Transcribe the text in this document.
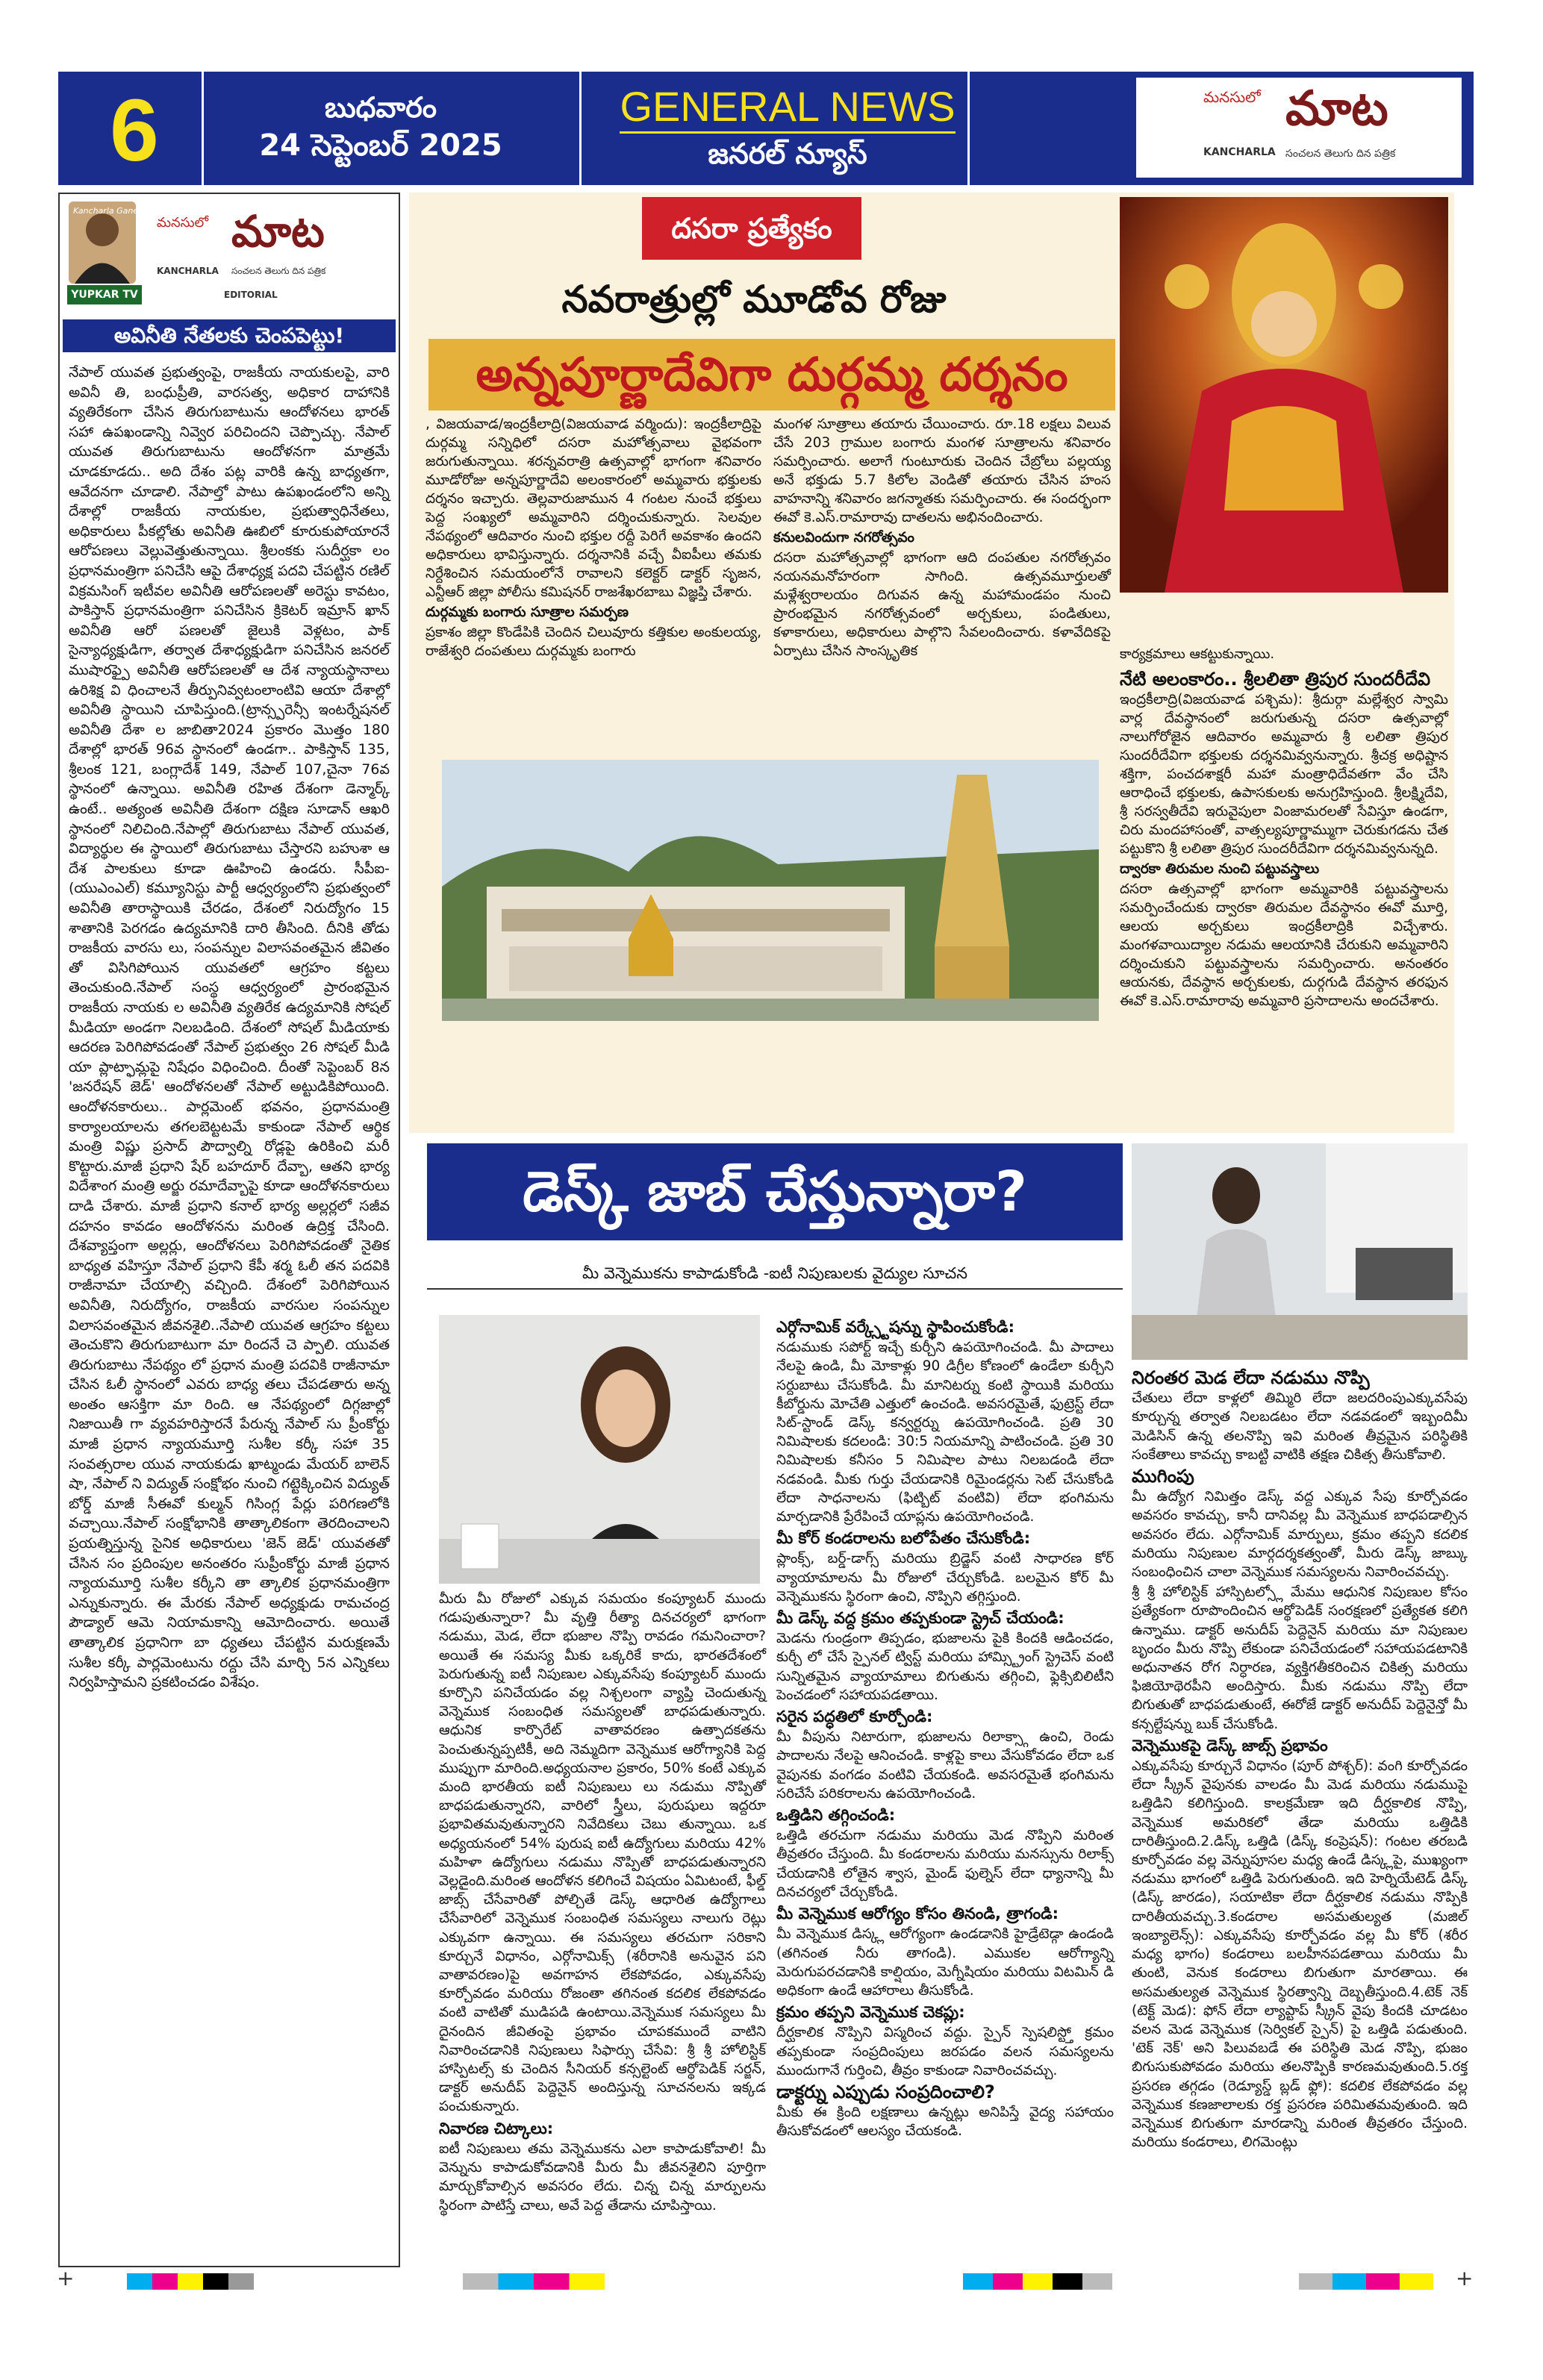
6	బుధవారం
24 సెప్టెంబర్ 2025
GENERAL NEWS
జనరల్ న్యూస్
మనసులో మాట
KANCHARLA సంచలన తెలుగు దిన పత్రిక
Kancharla Ganesh
YUPKAR TV
మనసులో మాట
KANCHARLA సంచలన తెలుగు దిన పత్రిక
EDITORIAL
అవినీతి నేతలకు చెంపపెట్టు!
నేపాల్ యువత ప్రభుత్వంపై, రాజకీయ నాయకులపై, వారి అవినీ తి, బంధుప్రీతి, వారసత్వ, అధికార దాహానికి వ్యతిరేకంగా చేసిన తిరుగుబాటును ఆందోళనలు భారత్ సహా ఉపఖండాన్ని నివ్వెర పరిచిందని చెప్పొచ్చు. నేపాల్ యువత తిరుగుబాటును ఆందోళనగా మాత్రమే చూడకూడదు.. అది దేశం పట్ల వారికి ఉన్న బాధ్యతగా, ఆవేదనగా చూడాలి. నేపాల్తో పాటు ఉపఖండంలోని అన్ని దేశాల్లో రాజకీయ నాయకుల, ప్రభుత్వాధినేతలు, అధికారులు పీకల్లోతు అవినీతి ఊబిలో కూరుకుపోయారనే ఆరోపణలు వెల్లువెత్తుతున్నాయి. శ్రీలంకకు సుదీర్ఘకా లం ప్రధానమంత్రిగా పనిచేసి ఆపై దేశాధ్యక్ష పదవి చేపట్టిన రణిల్ విక్రమసింగ్ ఇటీవల అవినీతి ఆరోపణలతో అరెస్టు కావటం, పాకిస్తాన్ ప్రధానమంత్రిగా పనిచేసిన క్రికెటర్ ఇమ్రాన్ ఖాన్ అవినీతి ఆరో పణలతో జైలుకి వెళ్లటం, పాక్ సైన్యాధ్యక్షుడిగా, తర్వాత దేశాధ్యక్షుడిగా పనిచేసిన జనరల్ ముషారఫ్పై అవినీతి ఆరోపణలతో ఆ దేశ న్యాయస్థానాలు ఉరిశిక్ష వి ధించాలనే తీర్పునివ్వటంలాంటివి ఆయా దేశాల్లో అవినీతి స్థాయిని చూపిస్తుంది.(ట్రాన్స్పరెన్సీ ఇంటర్నేషనల్ అవినీతి దేశా ల జాబితా2024 ప్రకారం మొత్తం 180 దేశాల్లో భారత్ 96వ స్థానంలో ఉండగా.. పాకిస్తాన్ 135, శ్రీలంక 121, బంగ్లాదేశ్ 149, నేపాల్ 107,చైనా 76వ స్థానంలో ఉన్నాయి. అవినీతి రహిత దేశంగా డెన్మార్క్ ఉంటే.. అత్యంత అవినీతి దేశంగా దక్షిణ సూడాన్ ఆఖరి స్థానంలో నిలిచింది.నేపాల్లో తిరుగుబాటు నేపాల్ యువత, విద్యార్థుల ఈ స్థాయిలో తిరుగుబాటు చేస్తారని బహుశా ఆ దేశ పాలకులు కూడా ఊహించి ఉండరు. సీపీఐ-(యుఎంఎల్) కమ్యూనిస్టు పార్టీ ఆధ్వర్యంలోని ప్రభుత్వంలో అవినీతి తారాస్థాయికి చేరడం, దేశంలో నిరుద్యోగం 15 శాతానికి పెరగడం ఉద్యమానికి దారి తీసింది. దీనికి తోడు రాజకీయ వారసు లు, సంపన్నుల విలాసవంతమైన జీవితం తో విసిగిపోయిన యువతలో ఆగ్రహం కట్టలు తెంచుకుంది.నేపాల్ సంస్థ ఆధ్వర్యంలో ప్రారంభమైన రాజకీయ నాయకు ల అవినీతి వ్యతిరేక ఉద్యమానికి సోషల్ మీడియా అండగా నిలబడింది. దేశంలో సోషల్ మీడియాకు ఆదరణ పెరిగిపోవడంతో నేపాల్ ప్రభుత్వం 26 సోషల్ మీడి యా ప్లాట్ఫామ్లపై నిషేధం విధించింది. దీంతో సెప్టెంబర్ 8న 'జనరేషన్ జెడ్' ఆందోళనలతో నేపాల్ అట్టుడికిపోయింది. ఆందోళనకారులు.. పార్లమెంట్ భవనం, ప్రధానమంత్రి కార్యాలయాలను తగలబెట్టటమే కాకుండా నేపాల్ ఆర్థిక మంత్రి విష్ణు ప్రసాద్ పౌద్వాల్ని రోడ్లపై ఉరికించి మరీ కొట్టారు.మాజీ ప్రధాని షేర్ బహదూర్ దేవ్బా, ఆతని భార్య విదేశాంగ మంత్రి అర్జు రమాదేవ్బాపై కూడా ఆందోళనకారులు దాడి చేశారు. మాజీ ప్రధాని కనాల్ భార్య అల్లర్లలో సజీవ దహనం కావడం ఆందోళనను మరింత ఉద్రిక్త చేసింది. దేశవ్యాప్తంగా అల్లర్లు, ఆందోళనలు పెరిగిపోవడంతో నైతిక బాధ్యత వహిస్తూ నేపాల్ ప్రధాని కేపీ శర్మ ఓలీ తన పదవికి రాజీనామా చేయాల్సి వచ్చింది. దేశంలో పెరిగిపోయిన అవినీతి, నిరుద్యోగం, రాజకీయ వారసుల సంపన్నుల విలాసవంతమైన జీవనశైలి..నేపాలి యువత ఆగ్రహం కట్టలు తెంచుకొని తిరుగుబాటుగా మా రిందనే చె ప్పాలి. యువత తిరుగుబాటు నేపథ్యం లో ప్రధాన మంత్రి పదవికి రాజీనామా చేసిన ఓలీ స్థానంలో ఎవరు బాధ్య తలు చేపడతారు అన్న అంతం ఆసక్తిగా మా రింది. ఆ నేపథ్యంలో దిగ్గజాల్లో నిజాయితీ గా వ్యవహరిస్తారనే పేరున్న నేపాల్ సు ప్రీంకోర్టు మాజీ ప్రధాన న్యాయమూర్తి సుశీల కర్కీ సహా 35 సంవత్సరాల యువ నాయకుడు ఖాట్మండు మేయర్ బాలెన్ షా, నేపాల్ ని విద్యుత్ సంక్షోభం నుంచి గట్టెక్కించిన విద్యుత్ బోర్డ్ మాజీ సీఈవో కుల్మన్ గిసింగ్ల పేర్లు పరిగణలోకి వచ్చాయి.నేపాల్ సంక్షోభానికి తాత్కాలికంగా తెరదించాలని ప్రయత్నిస్తున్న సైనిక అధికారులు 'జెన్ జెడ్' యువతతో చేసిన సం ప్రదింపుల అనంతరం సుప్రీంకోర్టు మాజీ ప్రధాన న్యాయమూర్తి సుశీల కర్కీని తా త్కాలిక ప్రధానమంత్రిగా ఎన్నుకున్నారు. ఈ మేరకు నేపాల్ అధ్యక్షుడు రామచంద్ర పౌడ్యాల్ ఆమె నియామకాన్ని ఆమోదించారు. అయితే తాత్కాలిక ప్రధానిగా బా ధ్యతలు చేపట్టిన మరుక్షణమే సుశీల కర్కీ పార్లమెంటును రద్దు చేసి మార్చి 5న ఎన్నికలు నిర్వహిస్తామని ప్రకటించడం విశేషం.
దసరా ప్రత్యేకం
నవరాత్రుల్లో మూడోవ రోజు
అన్నపూర్ణాదేవిగా దుర్గమ్మ దర్శనం

, విజయవాడ/ఇంద్రకీలాద్రి(విజయవాడ వర్మిందు): ఇంద్రకీలాద్రిపై దుర్గమ్మ సన్నిధిలో దసరా మహోత్సవాలు వైభవంగా జరుగుతున్నాయి. శరన్నవరాత్రి ఉత్సవాల్లో భాగంగా శనివారం మూడోరోజు అన్నపూర్ణాదేవి అలంకారంలో అమ్మవారు భక్తులకు దర్శనం ఇచ్చారు. తెల్లవారుజామున 4 గంటల నుంచే భక్తులు పెద్ద సంఖ్యలో అమ్మవారిని దర్శించుకున్నారు. సెలవుల నేపథ్యంలో ఆదివారం నుంచి భక్తుల రద్దీ పెరిగే అవకాశం ఉందని అధికారులు భావిస్తున్నారు. దర్శనానికి వచ్చే వీఐపీలు తమకు నిర్దేశించిన సమయంలోనే రావాలని కలెక్టర్ డాక్టర్ సృజన, ఎన్టీఆర్ జిల్లా పోలీసు కమిషనర్ రాజశేఖరబాబు విజ్ఞప్తి చేశారు.

దుర్గమ్మకు బంగారు సూత్రాల సమర్పణ

ప్రకాశం జిల్లా కొండేపికి చెందిన చిలువూరు కత్తికుల అంకులయ్య, రాజేశ్వరి దంపతులు దుర్గమ్మకు బంగారు

మంగళ సూత్రాలు తయారు చేయించారు. రూ.18 లక్షలు విలువ చేసే 203 గ్రాముల బంగారు మంగళ సూత్రాలను శనివారం సమర్పించారు. అలాగే గుంటూరుకు చెందిన చేబ్రోలు పల్లయ్య అనే భక్తుడు 5.7 కిలోల వెండితో తయారు చేసిన హంస వాహనాన్ని శనివారం జగన్మాతకు సమర్పించారు. ఈ సందర్భంగా ఈవో కె.ఎస్.రామారావు దాతలను అభినందించారు.

కనులవిందుగా నగరోత్సవం

దసరా మహోత్సవాల్లో భాగంగా ఆది దంపతుల నగరోత్సవం నయనమనోహరంగా సాగింది. ఉత్సవమూర్తులతో మళ్లేశ్వరాలయం దిగువన ఉన్న మహామండపం నుంచి ప్రారంభమైన నగరోత్సవంలో అర్చకులు, పండితులు, కళాకారులు, అధికారులు పాల్గొని సేవలందించారు. కళావేదికపై ఏర్పాటు చేసిన సాంస్కృతిక	కార్యక్రమాలు ఆకట్టుకున్నాయి.

నేటి అలంకారం.. శ్రీలలితా త్రిపుర సుందరీదేవి

ఇంద్రకీలాద్రి(విజయవాడ పశ్చిమ): శ్రీదుర్గా మల్లేశ్వర స్వామి వార్ల దేవస్థానంలో జరుగుతున్న దసరా ఉత్సవాల్లో నాలుగోరోజైన ఆదివారం అమ్మవారు శ్రీ లలితా త్రిపుర సుందరీదేవిగా భక్తులకు దర్శనమివ్వనున్నారు. శ్రీచక్ర అధిష్టాన శక్తిగా, పంచదశాక్షరీ మహా మంత్రాధిదేవతగా వేం చేసి ఆరాధించే భక్తులకు, ఉపాసకులకు అనుగ్రహిస్తుంది. శ్రీలక్ష్మిదేవి, శ్రీ సరస్వతీదేవి ఇరువైపులా వింజామరలతో సేవిస్తూ ఉండగా, చిరు మందహాసంతో, వాత్సల్యపూర్ణామ్ముగా చెరుకుగడను చేత పట్టుకొని శ్రీ లలితా త్రిపుర సుందరీదేవిగా దర్శనమివ్వనున్నది.

ద్వారకా తిరుమల నుంచి పట్టువస్త్రాలు

దసరా ఉత్సవాల్లో భాగంగా అమ్మవారికి పట్టువస్త్రాలను సమర్పించేందుకు ద్వారకా తిరుమల దేవస్థానం ఈవో మూర్తి, ఆలయ అర్చకులు ఇంద్రకీలాద్రికి విచ్చేశారు. మంగళవాయిద్యాల నడుమ ఆలయానికి చేరుకుని అమ్మవారిని దర్శించుకుని పట్టువస్త్రాలను సమర్పించారు. అనంతరం ఆయనకు, దేవస్థాన అర్చకులకు, దుర్గగుడి దేవస్థాన తరఫున ఈవో కె.ఎస్.రామారావు అమ్మవారి ప్రసాదాలను అందచేశారు.

డెస్క్ జాబ్ చేస్తున్నారా?
మీ వెన్నెముకను కాపాడుకోండి -ఐటీ నిపుణులకు వైద్యుల సూచన

మీరు మీ రోజులో ఎక్కువ సమయం కంప్యూటర్ ముందు గడుపుతున్నారా? మీ వృత్తి రీత్యా దినచర్యలో భాగంగా నడుము, మెడ, లేదా భుజాల నొప్పి రావడం గమనించారా? అయితే ఈ సమస్య మీకు ఒక్కరికే కాదు, భారతదేశంలో పెరుగుతున్న ఐటీ నిపుణుల ఎక్కువసేపు కంప్యూటర్ ముందు కూర్చొని పనిచేయడం వల్ల నిశ్చలంగా వ్యాప్తి చెందుతున్న వెన్నెముక సంబంధిత సమస్యలతో బాధపడుతున్నారు. ఆధునిక కార్పొరేట్ వాతావరణం ఉత్పాదకతను పెంచుతున్నప్పటికీ, అది నెమ్మదిగా వెన్నెముక ఆరోగ్యానికి పెద్ద ముప్పుగా మారింది.అధ్యయనాల ప్రకారం, 50% కంటే ఎక్కువ మంది భారతీయ ఐటీ నిపుణులు లు నడుము నొప్పితో బాధపడుతున్నారని, వారిలో స్త్రీలు, పురుషులు ఇద్దరూ ప్రభావితమవుతున్నారని నివేదికలు చెబు తున్నాయి. ఒక అధ్యయనంలో 54% పురుష ఐటీ ఉద్యోగులు మరియు 42% మహిళా ఉద్యోగులు నడుము నొప్పితో బాధపడుతున్నారని వెల్లడైంది.మరింత ఆందోళన కలిగించే విషయం ఏమిటంటే, ఫీల్డ్ జాబ్స్ చేసేవారితో పోల్చితే డెస్క్ ఆధారిత ఉద్యోగాలు చేసేవారిలో వెన్నెముక సంబంధిత సమస్యలు నాలుగు రెట్లు ఎక్కువగా ఉన్నాయి. ఈ సమస్యలు తరచుగా సరికాని కూర్చునే విధానం, ఎర్గోనామిక్స్ (శరీరానికి అనువైన పని వాతావరణం)పై అవగాహన లేకపోవడం, ఎక్కువసేపు కూర్చోవడం మరియు రోజంతా తగినంత కదలిక లేకపోవడం వంటి వాటితో ముడిపడి ఉంటాయి.వెన్నెముక సమస్యలు మీ దైనందిన జీవితంపై ప్రభావం చూపకముందే వాటిని నివారించడానికి నిపుణులు సిఫార్సు చేసేవి: శ్రీ శ్రీ హోలిస్టిక్ హాస్పిటల్స్ కు చెందిన సీనియర్ కన్సల్టెంట్ ఆర్థోపెడిక్ సర్జన్, డాక్టర్ అనుదీప్ పెద్దెనైన్ అందిస్తున్న సూచనలను ఇక్కడ పంచుకున్నారు.

నివారణ చిట్కాలు:

ఐటీ నిపుణులు తమ వెన్నెముకను ఎలా కాపాడుకోవాలి! మీ వెన్నును కాపాడుకోవడానికి మీరు మీ జీవనశైలిని పూర్తిగా మార్చుకోవాల్సిన అవసరం లేదు. చిన్న చిన్న మార్పులను స్థిరంగా పాటిస్తే చాలు, అవే పెద్ద తేడాను చూపిస్తాయి.

ఎర్గోనామిక్ వర్క్స్టేషన్ను స్థాపించుకోండి:

నడుముకు సపోర్ట్ ఇచ్చే కుర్చీని ఉపయోగించండి. మీ పాదాలు నేలపై ఉండి, మీ మోకాళ్లు 90 డిగ్రీల కోణంలో ఉండేలా కుర్చీని సర్దుబాటు చేసుకోండి. మీ మానిటర్ను కంటి స్థాయికి మరియు కీబోర్డును మోచేతి ఎత్తులో ఉంచండి. అవసరమైతే, ఫుట్రెస్ట్ లేదా సిట్-స్టాండ్ డెస్క్ కన్వర్టర్ను ఉపయోగించండి. ప్రతి 30 నిమిషాలకు కదలండి: 30:5 నియమాన్ని పాటించండి. ప్రతి 30 నిమిషాలకు కనీసం 5 నిమిషాల పాటు నిలబడండి లేదా నడవండి. మీకు గుర్తు చేయడానికి రిమైండర్లను సెట్ చేసుకోండి లేదా సాధనాలను (ఫిట్బిట్ వంటివి) లేదా భంగిమను మార్చడానికి ప్రేరేపించే యాప్లను ఉపయోగించండి.

మీ కోర్ కండరాలను బలోపేతం చేసుకోండి:

ప్లాంక్స్, బర్డ్-డాగ్స్ మరియు బ్రిడ్జెస్ వంటి సాధారణ కోర్ వ్యాయామాలను మీ రోజులో చేర్చుకోండి. బలమైన కోర్ మీ వెన్నెముకను స్థిరంగా ఉంచి, నొప్పిని తగ్గిస్తుంది.

మీ డెస్క్ వద్ద క్రమం తప్పకుండా స్ట్రెచ్ చేయండి:

మెడను గుండ్రంగా తిప్పడం, భుజాలను పైకి కిందకి ఆడించడం, కుర్చీ లో చేసే స్పైనల్ ట్విస్ట్ మరియు హామ్స్ట్రింగ్ స్ట్రెచెస్ వంటి సున్నితమైన వ్యాయామాలు బిగుతును తగ్గించి, ఫ్లెక్సిబిలిటీని పెంచడంలో సహాయపడతాయి.

సరైన పద్ధతిలో కూర్చోండి:

మీ వీపును నిటారుగా, భుజాలను రిలాక్స్గా ఉంచి, రెండు పాదాలను నేలపై ఆనించండి. కాళ్లపై కాలు వేసుకోవడం లేదా ఒక వైపునకు వంగడం వంటివి చేయకండి. అవసరమైతే భంగిమను సరిచేసే పరికరాలను ఉపయోగించండి.

ఒత్తిడిని తగ్గించండి:

ఒత్తిడి తరచుగా నడుము మరియు మెడ నొప్పిని మరింత తీవ్రతరం చేస్తుంది. మీ కండరాలను మరియు మనస్సును రిలాక్స్ చేయడానికి లోతైన శ్వాస, మైండ్ ఫుల్నెస్ లేదా ధ్యానాన్ని మీ దినచర్యలో చేర్చుకోండి.

మీ వెన్నెముక ఆరోగ్యం కోసం తినండి, త్రాగండి:

మీ వెన్నెముక డిస్క్ల ఆరోగ్యంగా ఉండడానికి హైడ్రేటెడ్గా ఉండండి (తగినంత నీరు తాగండి). ఎముకల ఆరోగ్యాన్ని మెరుగుపరచడానికి కాల్షియం, మెగ్నీషియం మరియు విటమిన్ డి అధికంగా ఉండే ఆహారాలు తీసుకోండి.

క్రమం తప్పని వెన్నెముక చెకప్లు:

దీర్ఘకాలిక నొప్పిని విస్మరించ వద్దు. స్పైన్ స్పెషలిస్ట్తో క్రమం తప్పకుండా సంప్రదింపులు జరపడం వలన సమస్యలను ముందుగానే గుర్తించి, తీవ్రం కాకుండా నివారించవచ్చు.

డాక్టర్ను ఎప్పుడు సంప్రదించాలి?

మీకు ఈ క్రింది లక్షణాలు ఉన్నట్లు అనిపిస్తే వైద్య సహాయం తీసుకోవడంలో ఆలస్యం చేయకండి.

నిరంతర మెడ లేదా నడుము నొప్పి

చేతులు లేదా కాళ్లలో తిమ్మిరి లేదా జలదరింపుఎక్కువసేపు కూర్చున్న తర్వాత నిలబడటం లేదా నడవడంలో ఇబ్బందిమీ మెడిసిన్ ఉన్న తలనొప్పి ఇవి మరింత తీవ్రమైన పరిస్థితికి సంకేతాలు కావచ్చు కాబట్టి వాటికి తక్షణ చికిత్స తీసుకోవాలి.

ముగింపు

మీ ఉద్యోగ నిమిత్తం డెస్క్ వద్ద ఎక్కువ సేపు కూర్చోవడం అవసరం కావచ్చు, కానీ దానివల్ల మీ వెన్నెముక బాధపడాల్సిన అవసరం లేదు. ఎర్గోనామిక్ మార్పులు, క్రమం తప్పని కదలిక మరియు నిపుణుల మార్గదర్శకత్వంతో, మీరు డెస్క్ జాబ్కు సంబంధించిన చాలా వెన్నెముక సమస్యలను నివారించవచ్చు.

శ్రీ శ్రీ హోలిస్టిక్ హాస్పిటల్స్లో మేము ఆధునిక నిపుణుల కోసం ప్రత్యేకంగా రూపొందించిన ఆర్థోపెడిక్ సంరక్షణలో ప్రత్యేకత కలిగి ఉన్నాము. డాక్టర్ అనుదీప్ పెద్దెనైన్ మరియు మా నిపుణుల బృందం మీరు నొప్పి లేకుండా పనిచేయడంలో సహాయపడటానికి అధునాతన రోగ నిర్ధారణ, వ్యక్తిగతీకరించిన చికిత్స మరియు ఫిజియోథెరపీని అందిస్తారు. మీకు నడుము నొప్పి లేదా బిగుతుతో బాధపడుతుంటే, ఈరోజే డాక్టర్ అనుదీప్ పెద్దెనైన్తో మీ కన్సల్టేషన్ను బుక్ చేసుకోండి.

వెన్నెముకపై డెస్క్ జాబ్స్ ప్రభావం

ఎక్కువసేపు కూర్చునే విధానం (పూర్ పోశ్చర్): వంగి కూర్చోవడం లేదా స్క్రీన్ వైపునకు వాలడం మీ మెడ మరియు నడుముపై ఒత్తిడిని కలిగిస్తుంది. కాలక్రమేణా ఇది దీర్ఘకాలిక నొప్పి, వెన్నెముక అమరికలో తేడా మరియు ఒత్తిడికి దారితీస్తుంది.2.డిస్క్ ఒత్తిడి (డిస్క్ కంప్రెషన్): గంటల తరబడి కూర్చోవడం వల్ల వెన్నుపూసల మధ్య ఉండే డిస్క్లపై, ముఖ్యంగా నడుము భాగంలో ఒత్తిడి పెరుగుతుంది. ఇది హెర్నియేటెడ్ డిస్క్ (డిస్క్ జారడం), సయాటికా లేదా దీర్ఘకాలిక నడుము నొప్పికి దారితీయవచ్చు.3.కండరాల అసమతుల్యత (మజిల్ ఇంబ్యాలెన్స్): ఎక్కువసేపు కూర్చోవడం వల్ల మీ కోర్ (శరీర మధ్య భాగం) కండరాలు బలహీనపడతాయి మరియు మీ తుంటి, వెనుక కండరాలు బిగుతుగా మారతాయి. ఈ అసమతుల్యత వెన్నెముక స్థిరత్వాన్ని దెబ్బతీస్తుంది.4.టెక్ నెక్ (టెక్ట్ మెడ): ఫోన్ లేదా ల్యాప్టాప్ స్క్రీన్ వైపు కిందకి చూడటం వలన మెడ వెన్నెముక (సెర్వికల్ స్పైన్) పై ఒత్తిడి పడుతుంది. 'టెక్ నెక్' అని పిలువబడే ఈ పరిస్థితి మెడ నొప్పి, భుజం బిగుసుకుపోవడం మరియు తలనొప్పికి కారణమవుతుంది.5.రక్త ప్రసరణ తగ్గడం (రెడ్యూస్డ్ బ్లడ్ ఫ్లో): కదలిక లేకపోవడం వల్ల వెన్నెముక కణజాలాలకు రక్త ప్రసరణ పరిమితమవుతుంది. ఇది వెన్నెముక బిగుతుగా మారడాన్ని మరింత తీవ్రతరం చేస్తుంది. మరియు కండరాలు, లిగమెంట్లు

+	+
